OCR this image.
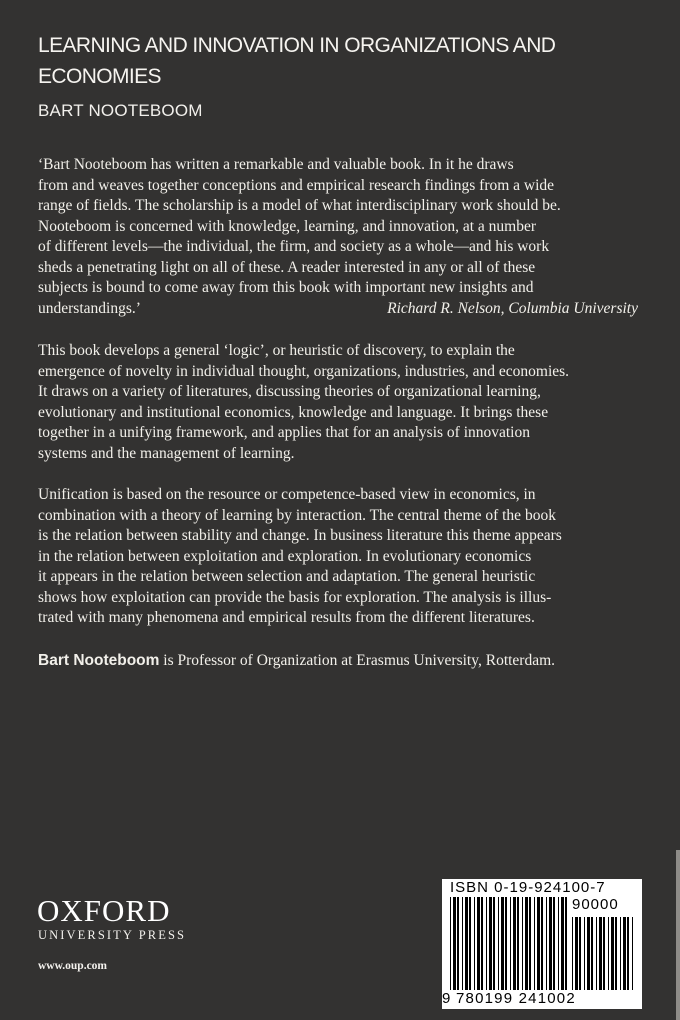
LEARNING AND INNOVATION IN ORGANIZATIONS AND ECONOMIES
BART NOOTEBOOM

‘Bart Nooteboom has written a remarkable and valuable book. In it he draws
from and weaves together conceptions and empirical research findings from a wide
range of fields. The scholarship is a model of what interdisciplinary work should be.
Nooteboom is concerned with knowledge, learning, and innovation, at a number
of different levels—the individual, the firm, and society as a whole—and his work
sheds a penetrating light on all of these. A reader interested in any or all of these
subjects is bound to come away from this book with important new insights and
understandings.’	Richard R. Nelson, Columbia University

This book develops a general ‘logic’, or heuristic of discovery, to explain the
emergence of novelty in individual thought, organizations, industries, and economies.
It draws on a variety of literatures, discussing theories of organizational learning,
evolutionary and institutional economics, knowledge and language. It brings these
together in a unifying framework, and applies that for an analysis of innovation
systems and the management of learning.

Unification is based on the resource or competence-based view in economics, in
combination with a theory of learning by interaction. The central theme of the book
is the relation between stability and change. In business literature this theme appears
in the relation between exploitation and exploration. In evolutionary economics
it appears in the relation between selection and adaptation. The general heuristic
shows how exploitation can provide the basis for exploration. The analysis is illus-
trated with many phenomena and empirical results from the different literatures.

Bart Nooteboom is Professor of Organization at Erasmus University, Rotterdam.

OXFORD
UNIVERSITY PRESS
www.oup.com
ISBN 0-19-924100-7
90000
9 780199 241002
